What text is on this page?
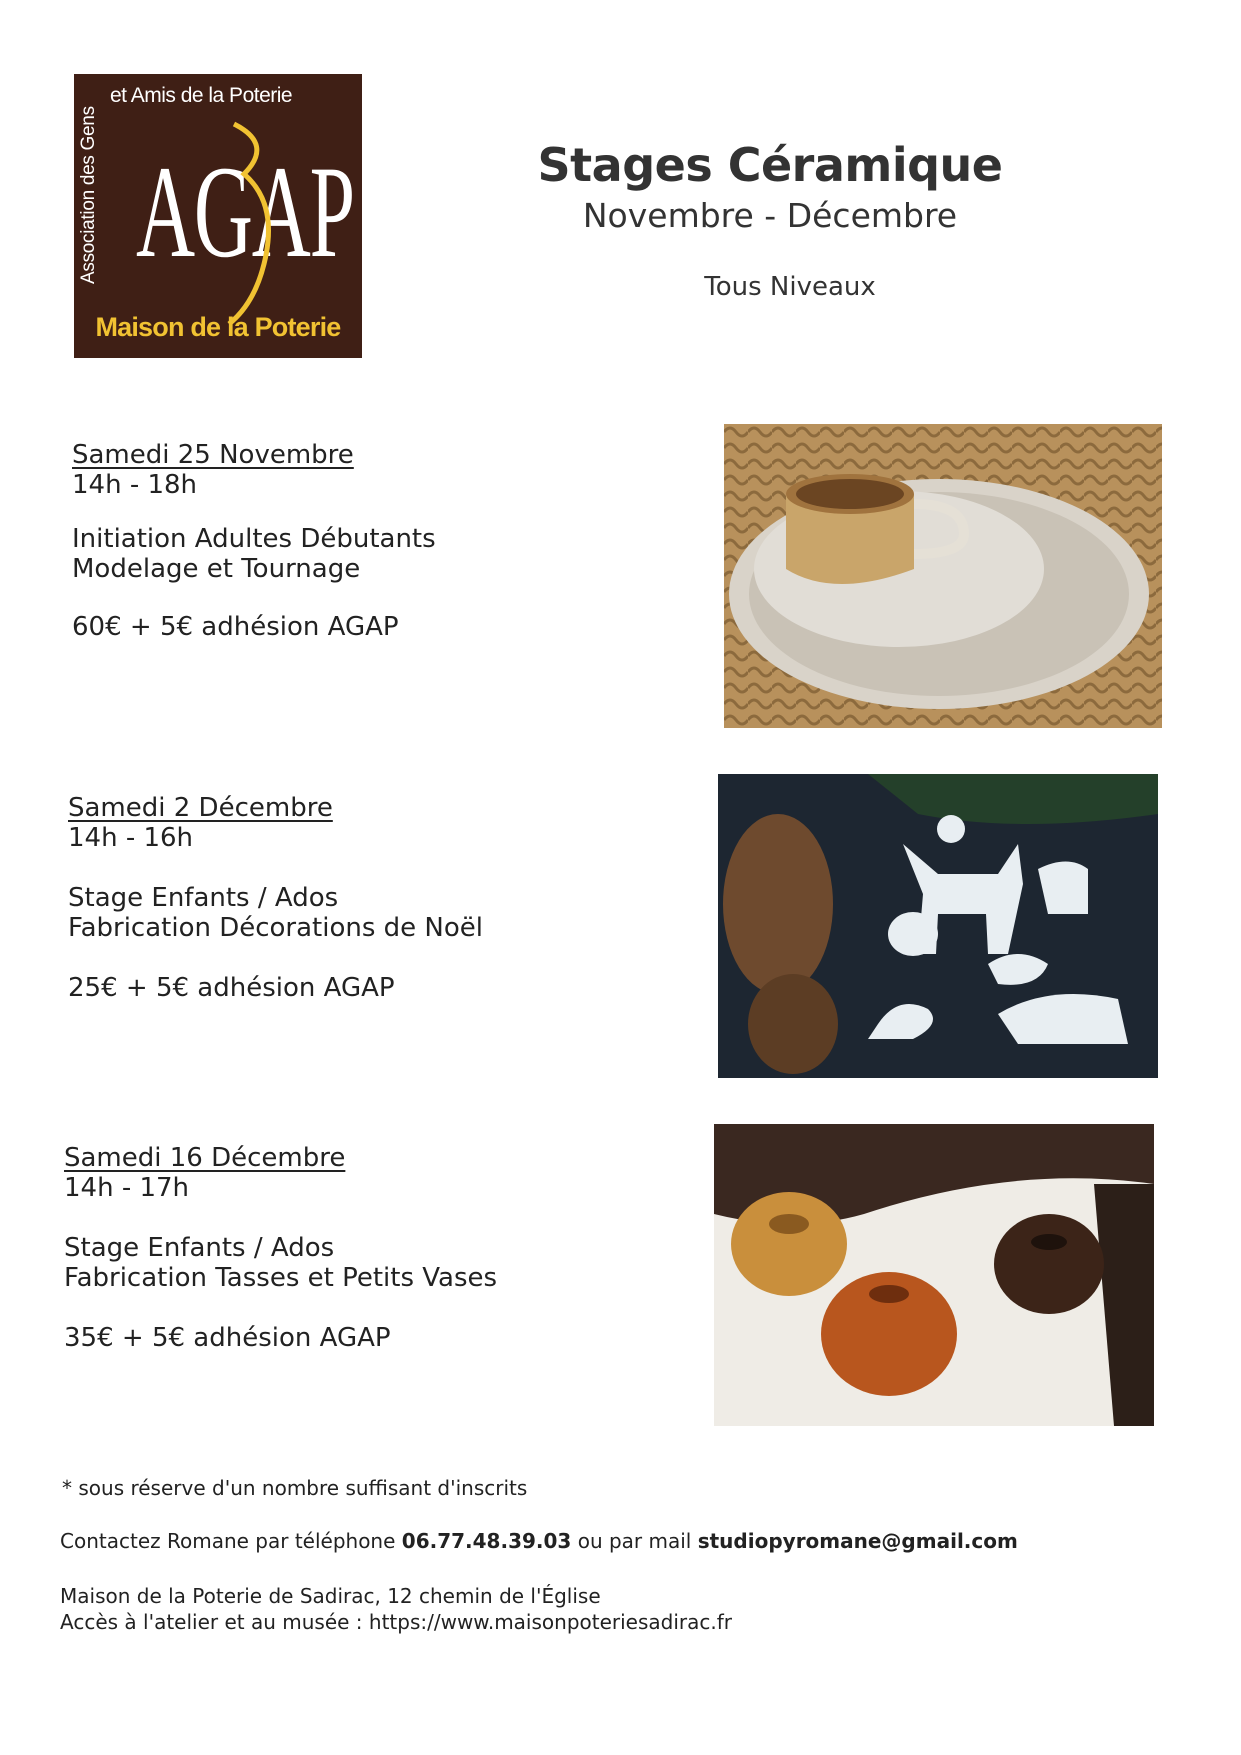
et Amis de la Poterie
Association des Gens AGAP
Maison de la Poterie
Stages Céramique
Novembre - Décembre
Tous Niveaux
Samedi 25 Novembre
14h - 18h
Initiation Adultes Débutants
Modelage et Tournage
60€ + 5€ adhésion AGAP
Samedi 2 Décembre
14h - 16h
Stage Enfants / Ados
Fabrication Décorations de Noël
25€ + 5€ adhésion AGAP
Samedi 16 Décembre
14h - 17h
Stage Enfants / Ados
Fabrication Tasses et Petits Vases
35€ + 5€ adhésion AGAP
* sous réserve d'un nombre suffisant d'inscrits
Contactez Romane par téléphone 06.77.48.39.03 ou par mail studiopyromane@gmail.com
Maison de la Poterie de Sadirac, 12 chemin de l'Église
Accès à l'atelier et au musée : https://www.maisonpoteriesadirac.fr
